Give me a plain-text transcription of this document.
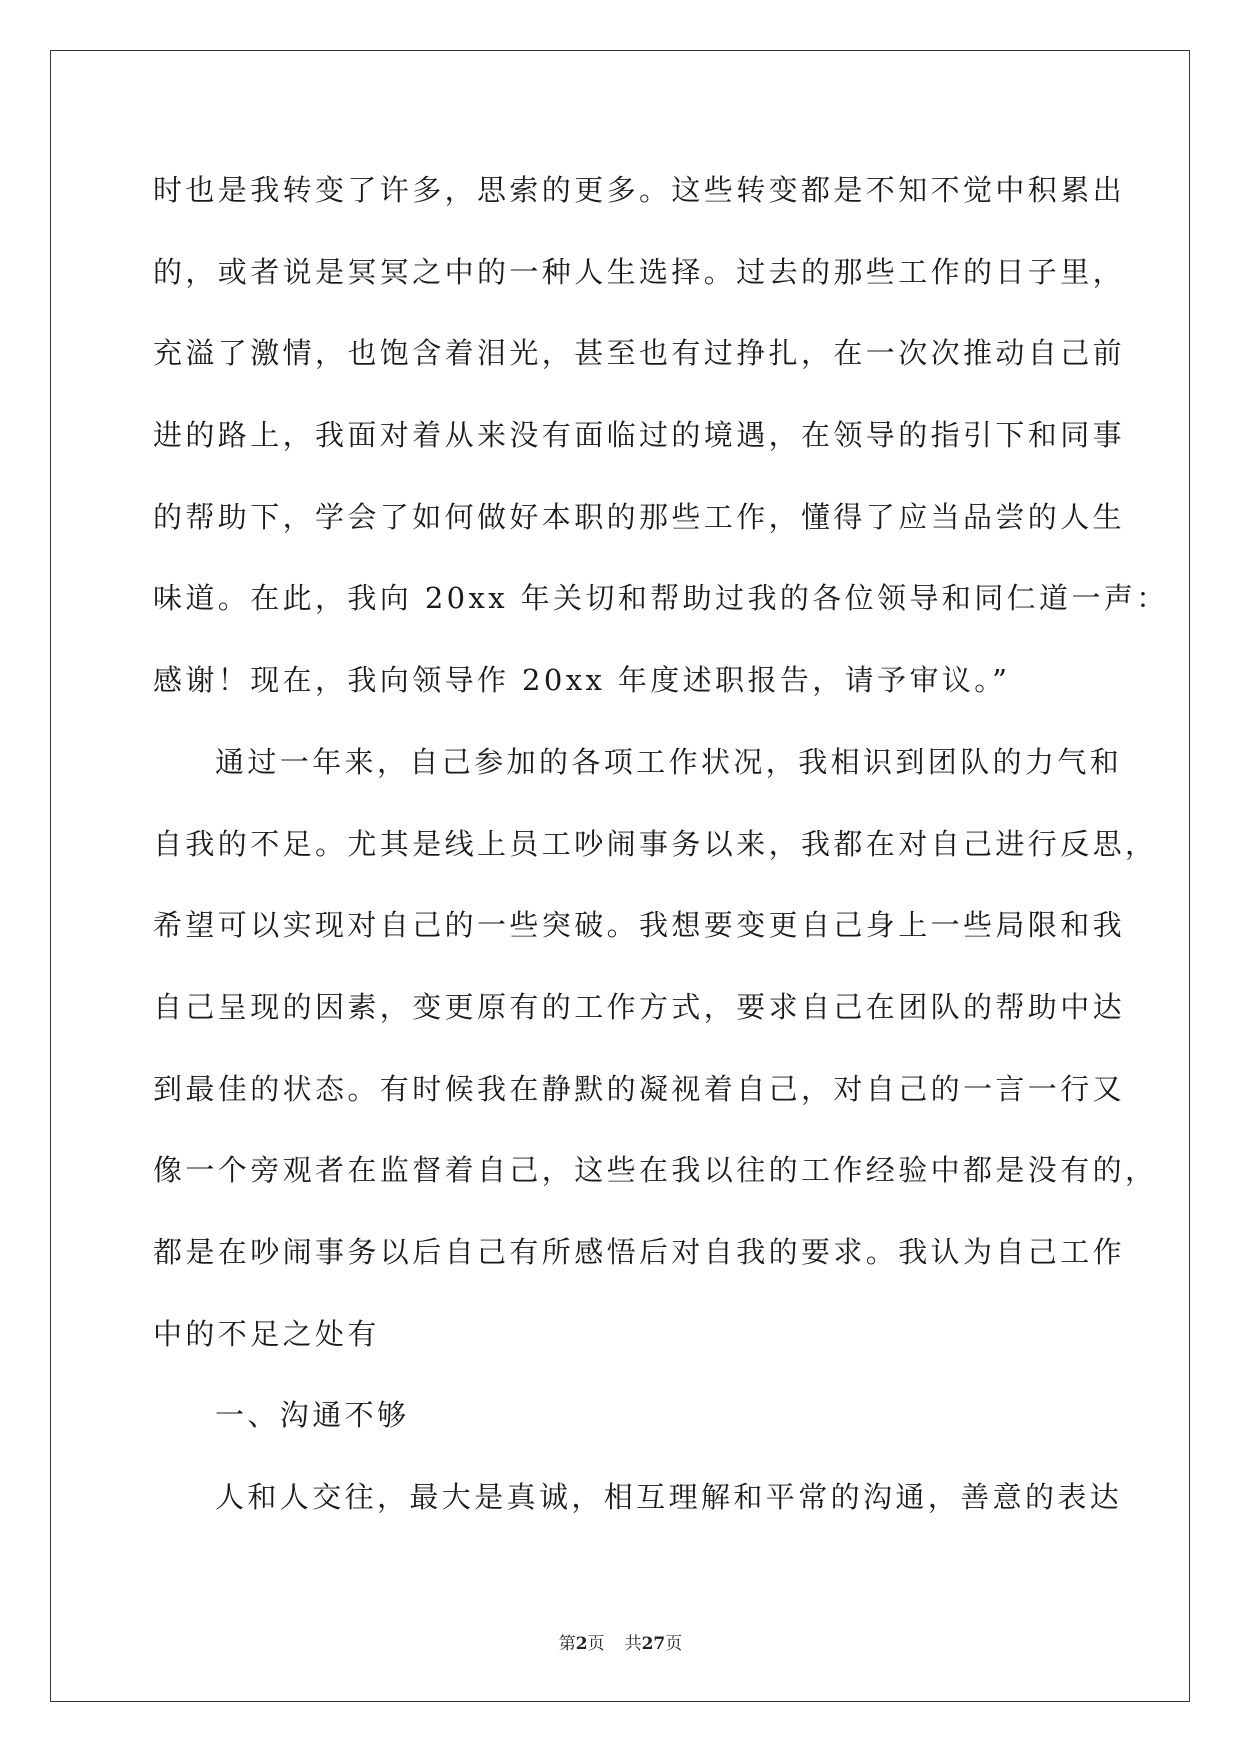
时也是我转变了许多，思索的更多。这些转变都是不知不觉中积累出
的，或者说是冥冥之中的一种人生选择。过去的那些工作的日子里，
充溢了激情，也饱含着泪光，甚至也有过挣扎，在一次次推动自己前
进的路上，我面对着从来没有面临过的境遇，在领导的指引下和同事
的帮助下，学会了如何做好本职的那些工作，懂得了应当品尝的人生
味道。在此，我向 20xx 年关切和帮助过我的各位领导和同仁道一声：
感谢！现在，我向领导作 20xx 年度述职报告，请予审议。”
通过一年来，自己参加的各项工作状况，我相识到团队的力气和
自我的不足。尤其是线上员工吵闹事务以来，我都在对自己进行反思，
希望可以实现对自己的一些突破。我想要变更自己身上一些局限和我
自己呈现的因素，变更原有的工作方式，要求自己在团队的帮助中达
到最佳的状态。有时候我在静默的凝视着自己，对自己的一言一行又
像一个旁观者在监督着自己，这些在我以往的工作经验中都是没有的，
都是在吵闹事务以后自己有所感悟后对自我的要求。我认为自己工作
中的不足之处有
一、沟通不够
人和人交往，最大是真诚，相互理解和平常的沟通，善意的表达
第2页 共27页
